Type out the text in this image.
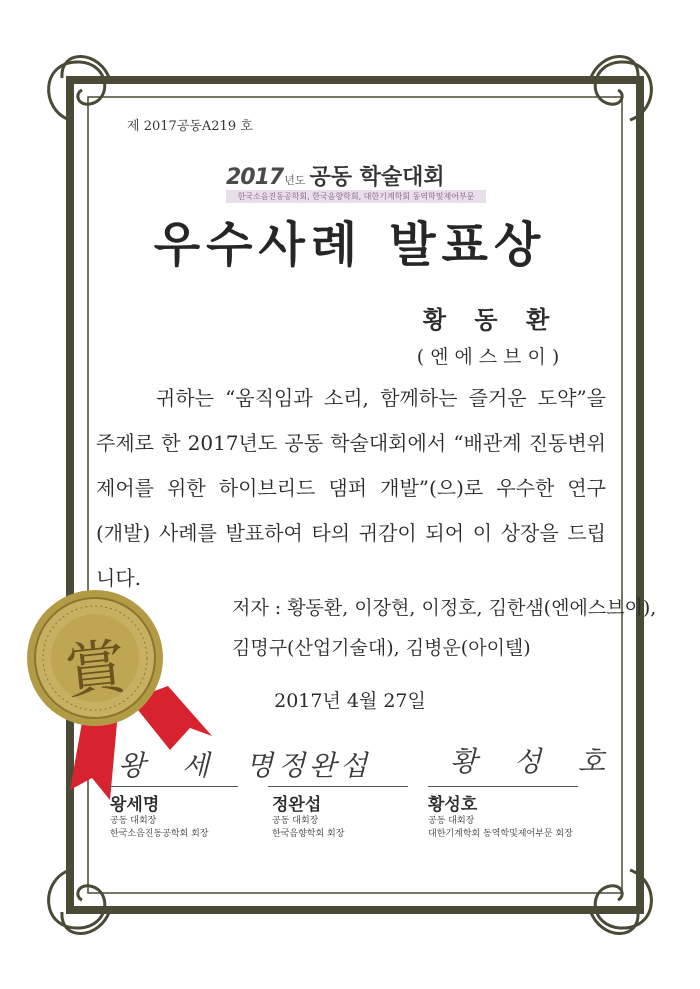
賞
제 2017공동A219 호
2017년도 공동 학술대회
한국소음진동공학회, 한국음향학회, 대한기계학회 동역학및제어부문
우수사례 발표상
황 동 환
(엔에스브이)
귀하는 “움직임과 소리, 함께하는 즐거운 도약”을
주제로 한 2017년도 공동 학술대회에서 “배관계 진동변위
제어를 위한 하이브리드 댐퍼 개발”(으)로 우수한 연구
(개발) 사례를 발표하여 타의 귀감이 되어 이 상장을 드립
니다.
저자 : 황동환, 이장현, 이정호, 김한샘(엔에스브이),
김명구(산업기술대), 김병운(아이텔)
2017년 4월 27일
왕 세 명
정완섭	황 성 호
왕세명
공동 대회장
한국소음진동공학회 회장
정완섭
공동 대회장
한국음향학회 회장
황성호
공동 대회장
대한기계학회 동역학및제어부문 회장
